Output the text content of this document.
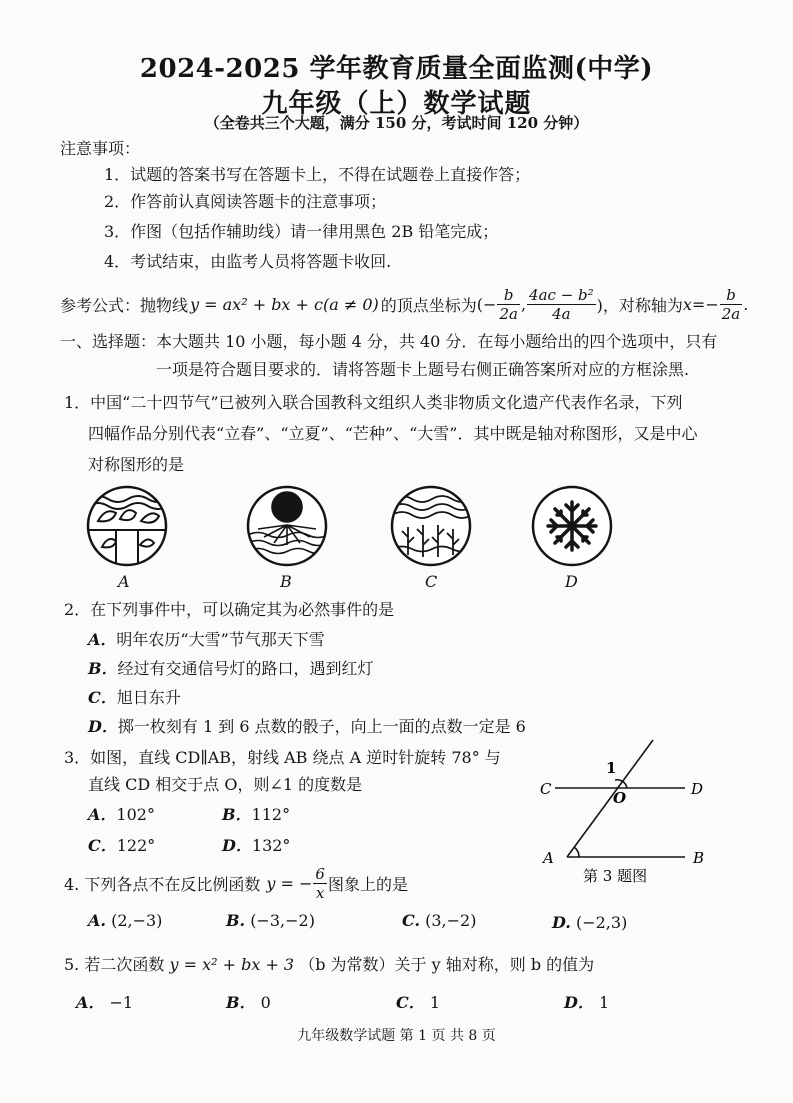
2024-2025 学年教育质量全面监测(中学)
九年级（上）数学试题
（全卷共三个大题，满分 150 分，考试时间 120 分钟）
注意事项：
1．试题的答案书写在答题卡上，不得在试题卷上直接作答；
2．作答前认真阅读答题卡的注意事项；
3．作图（包括作辅助线）请一律用黑色 2B 铅笔完成；
4．考试结束，由监考人员将答题卡收回.
参考公式：抛物线 y = ax² + bx + c(a ≠ 0) 的顶点坐标为 (− $\frac{b}{2a}$ , $\frac{\text{4ac − b²}}{4a}$ )，对称轴为 $x=- \frac{b}{2a}$ .
一、选择题：本大题共 10 小题，每小题 4 分，共 40 分．在每小题给出的四个选项中，只有
一项是符合题目要求的．请将答题卡上题号右侧正确答案所对应的方框涂黑.
1．中国“二十四节气”已被列入联合国教科文组织人类非物质文化遗产代表作名录，下列
四幅作品分别代表“立春”、“立夏”、“芒种”、“大雪”．其中既是轴对称图形，又是中心
对称图形的是
A	B	C	D
2．在下列事件中，可以确定其为必然事件的是
A．明年农历“大雪”节气那天下雪
B．经过有交通信号灯的路口，遇到红灯
C．旭日东升
D．掷一枚刻有 1 到 6 点数的骰子，向上一面的点数一定是 6
3．如图，直线 CD∥AB，射线 AB 绕点 A 逆时针旋转 78° 与
直线 CD 相交于点 O，则∠1 的度数是
A．102°	B．112°
C．122°	D．132°
1
C	O	D
A	B
第 3 题图
4. 下列各点不在反比例函数 y = − $\frac{6}{x}$ 图象上的是
A. (2,−3)	B. (−3,−2)	C. (3,−2)	D. (−2,3)
5. 若二次函数 y = x² + bx + 3 （b 为常数）关于 y 轴对称，则 b 的值为
A． −1	B． 0	C． 1	D． 1
九年级数学试题 第 1 页 共 8 页
